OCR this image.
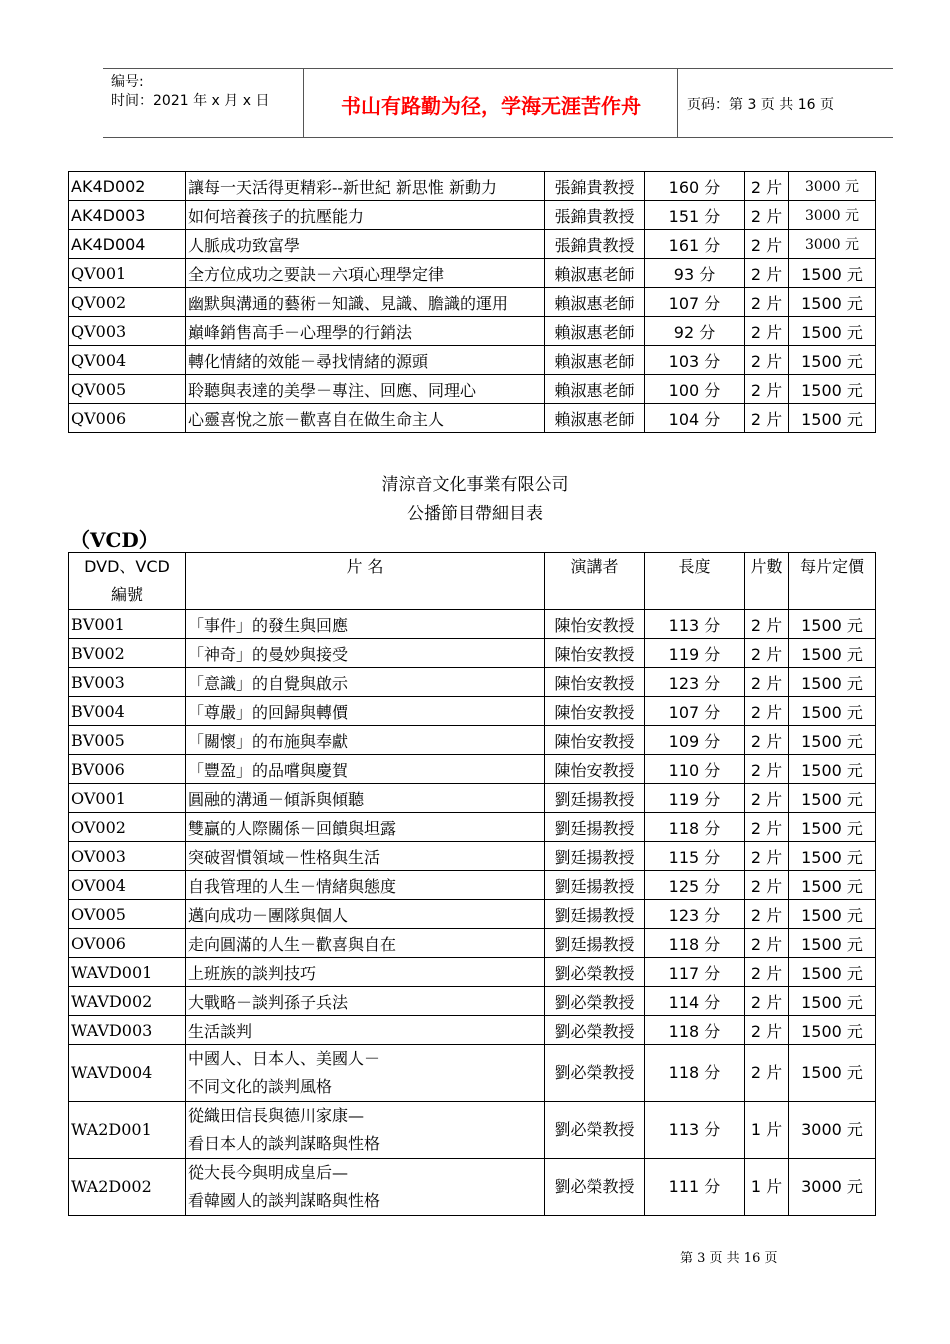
编号:
时间：2021 年 x 月 x 日	书山有路勤为径，学海无涯苦作舟	页码：第 3 页 共 16 页
AK4D002	讓每一天活得更精彩--新世紀 新思惟 新動力	張錦貴教授	160 分	2 片	3000 元
AK4D003	如何培養孩子的抗壓能力	張錦貴教授	151 分	2 片	3000 元
AK4D004	人脈成功致富學	張錦貴教授	161 分	2 片	3000 元
QV001	全方位成功之要訣－六項心理學定律	賴淑惠老師	93 分	2 片	1500 元
QV002	幽默與溝通的藝術－知識、見識、膽識的運用	賴淑惠老師	107 分	2 片	1500 元
QV003	巔峰銷售高手－心理學的行銷法	賴淑惠老師	92 分	2 片	1500 元
QV004	轉化情緒的效能－尋找情緒的源頭	賴淑惠老師	103 分	2 片	1500 元
QV005	聆聽與表達的美學－專注、回應、同理心	賴淑惠老師	100 分	2 片	1500 元
QV006	心靈喜悅之旅－歡喜自在做生命主人	賴淑惠老師	104 分	2 片	1500 元
清涼音文化事業有限公司
公播節目帶細目表
（VCD）
DVD、VCD
編號	片 名	演講者	長度	片數	每片定價
BV001	「事件」的發生與回應	陳怡安教授	113 分	2 片	1500 元
BV002	「神奇」的曼妙與接受	陳怡安教授	119 分	2 片	1500 元
BV003	「意識」的自覺與啟示	陳怡安教授	123 分	2 片	1500 元
BV004	「尊嚴」的回歸與轉價	陳怡安教授	107 分	2 片	1500 元
BV005	「關懷」的布施與奉獻	陳怡安教授	109 分	2 片	1500 元
BV006	「豐盈」的品嚐與慶賀	陳怡安教授	110 分	2 片	1500 元
OV001	圓融的溝通－傾訴與傾聽	劉廷揚教授	119 分	2 片	1500 元
OV002	雙贏的人際關係－回饋與坦露	劉廷揚教授	118 分	2 片	1500 元
OV003	突破習慣領域－性格與生活	劉廷揚教授	115 分	2 片	1500 元
OV004	自我管理的人生－情緒與態度	劉廷揚教授	125 分	2 片	1500 元
OV005	邁向成功－團隊與個人	劉廷揚教授	123 分	2 片	1500 元
OV006	走向圓滿的人生－歡喜與自在	劉廷揚教授	118 分	2 片	1500 元
WAVD001	上班族的談判技巧	劉必榮教授	117 分	2 片	1500 元
WAVD002	大戰略－談判孫子兵法	劉必榮教授	114 分	2 片	1500 元
WAVD003	生活談判	劉必榮教授	118 分	2 片	1500 元
WAVD004	中國人、日本人、美國人－
不同文化的談判風格	劉必榮教授	118 分	2 片	1500 元
WA2D001	從織田信長與德川家康—
看日本人的談判謀略與性格	劉必榮教授	113 分	1 片	3000 元
WA2D002	從大長今與明成皇后—
看韓國人的談判謀略與性格	劉必榮教授	111 分	1 片	3000 元
第 3 页 共 16 页
